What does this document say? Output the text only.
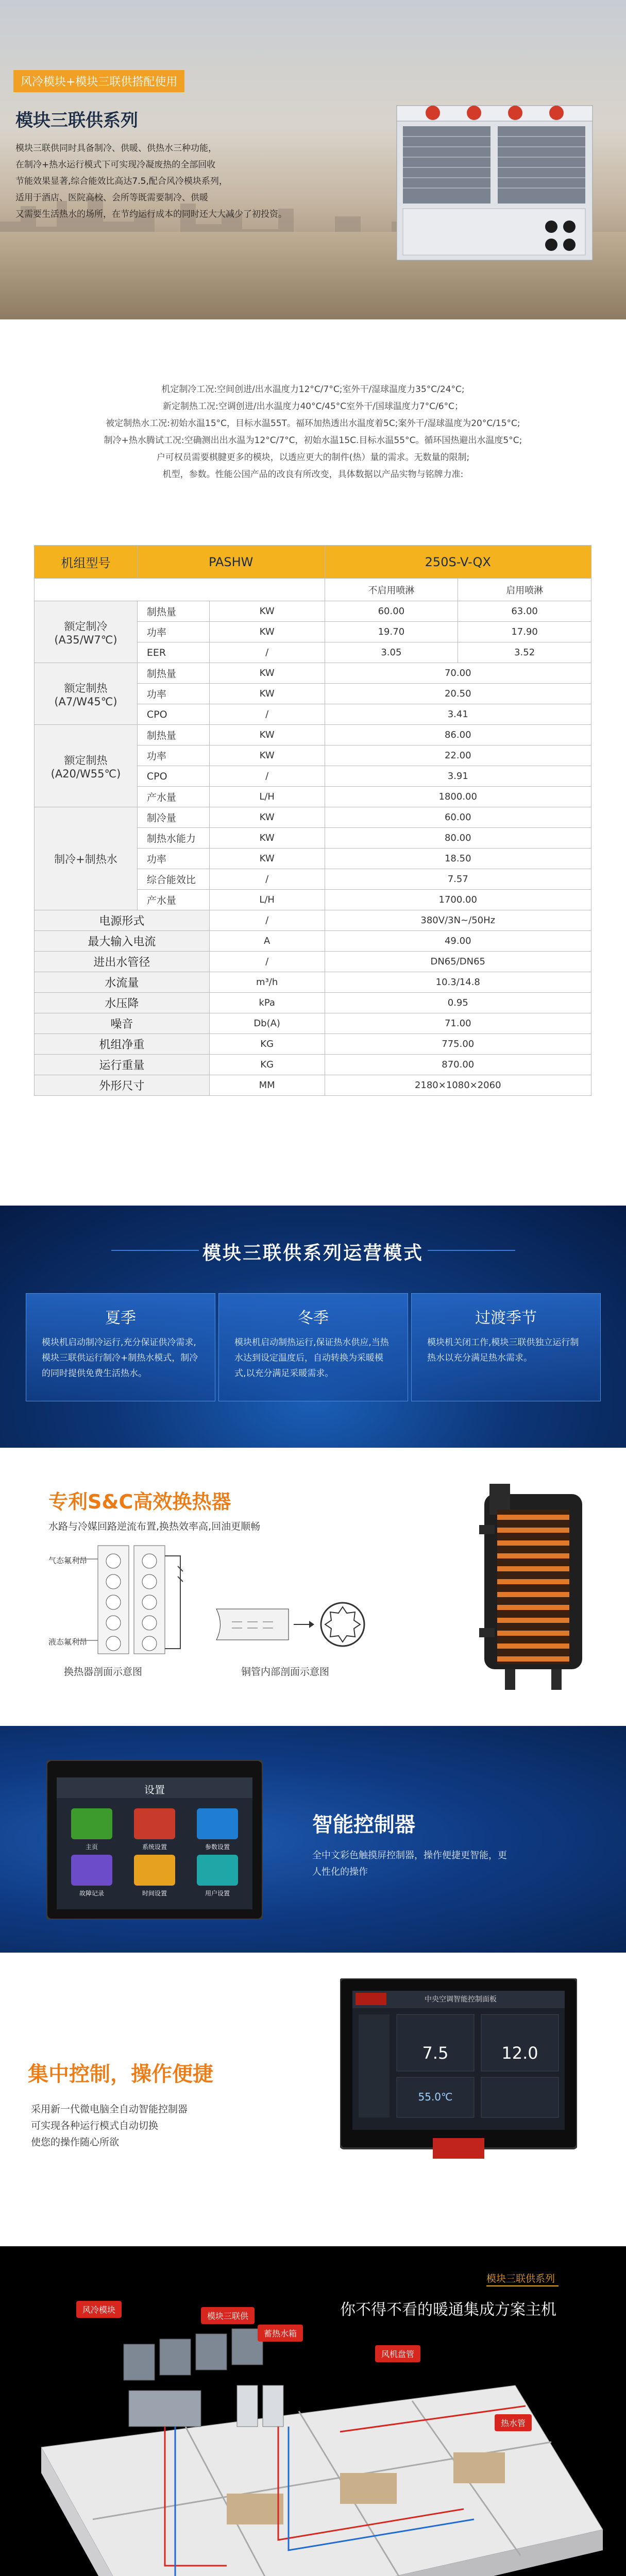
风冷模块+模块三联供搭配使用
模块三联供系列

模块三联供同时具备制冷、供暖、供热水三种功能，

在制冷+热水运行模式下可实现冷凝废热的全部回收

节能效果显著,综合能效比高达7.5,配合风冷模块系列，

适用于酒店、医院高校、会所等既需要制冷、供暖

又需要生活热水的场所，在节约运行成本的同时还大大减少了初投资。

机定制冷工况:空间创进/出水温度力12°C/7°C;室外干/湿球温度力35°C/24°C;

新定制热工况:空调创进/出水温度力40°C/45°C室外干/国球温度力7°C/6°C；

被定制热水工况:初始水温15°C，目标水温55T。福环加热透出水温度着5C;案外干/湿球温度为20°C/15°C;

制冷+热水腾试工况:空确测出出水温为12°C/7°C，初始水温15C.目标水温55°C。循环国热避出水温度5°C;

户可权员需要棋腱更多的模块，以透应更大的制件(热）量的需求。无数量的限制;

机型，参数。性能公国产品的改良有所改变，具体数据以产品实物与铭牌力准:

机组型号	PASHW		250S-V-QX	
			不启用喷淋	启用喷淋
额定制冷
(A35/W7℃)	制热量	KW	60.00	63.00
	功率	KW	19.70	17.90
	EER	/	3.05	3.52
额定制热
(A7/W45℃)	制热量	KW	70.00	
	功率	KW	20.50	
	CPO	/	3.41	
额定制热
(A20/W55℃)	制热量	KW	86.00	
	功率	KW	22.00	
	CPO	/	3.91	
	产水量	L/H	1800.00	
制冷+制热水	制冷量	KW	60.00	
	制热水能力	KW	80.00	
	功率	KW	18.50	
	综合能效比	/	7.57	
	产水量	L/H	1700.00	
电源形式		/	380V/3N~/50Hz	
最大输入电流		A	49.00	
进出水管径		/	DN65/DN65	
水流量		m³/h	10.3/14.8	
水压降		kPa	0.95	
噪音		Db(A)	71.00	
机组净重		KG	775.00	
运行重量		KG	870.00	
外形尺寸		MM	2180×1080×2060	
模块三联供系列运营模式
夏季
模块机启动制冷运行,充分保证供冷需求,模块三联供运行制冷+制热水模式，制冷的同时提供免费生活热水。
冬季
模块机启动制热运行,保证热水供应,当热水达到设定温度后，自动转换为采暖模式,以充分满足采暖需求。
过渡季节
模块机关闭工作,模块三联供独立运行制热水以充分满足热水需求。
专利S&C高效换热器
水路与冷媒回路逆流布置,换热效率高,回油更顺畅
气态氟利昂
液态氟利昂
换热器剖面示意图	铜管内部剖面示意图
设置
主页	系统设置	参数设置
故障记录	时间设置	用户设置
智能控制器
全中文彩色触摸屏控制器，操作便捷更智能，更人性化的操作
集中控制，操作便捷

采用新一代微电脑全自动智能控制器

可实现各种运行模式自动切换

使您的操作随心所欲

中央空调智能控制面板
7.5	12.0
55.0℃
模块三联供系列
你不得不看的暖通集成方案主机
风冷模块
模块三联供
蓄热水箱
风机盘管
热水管
